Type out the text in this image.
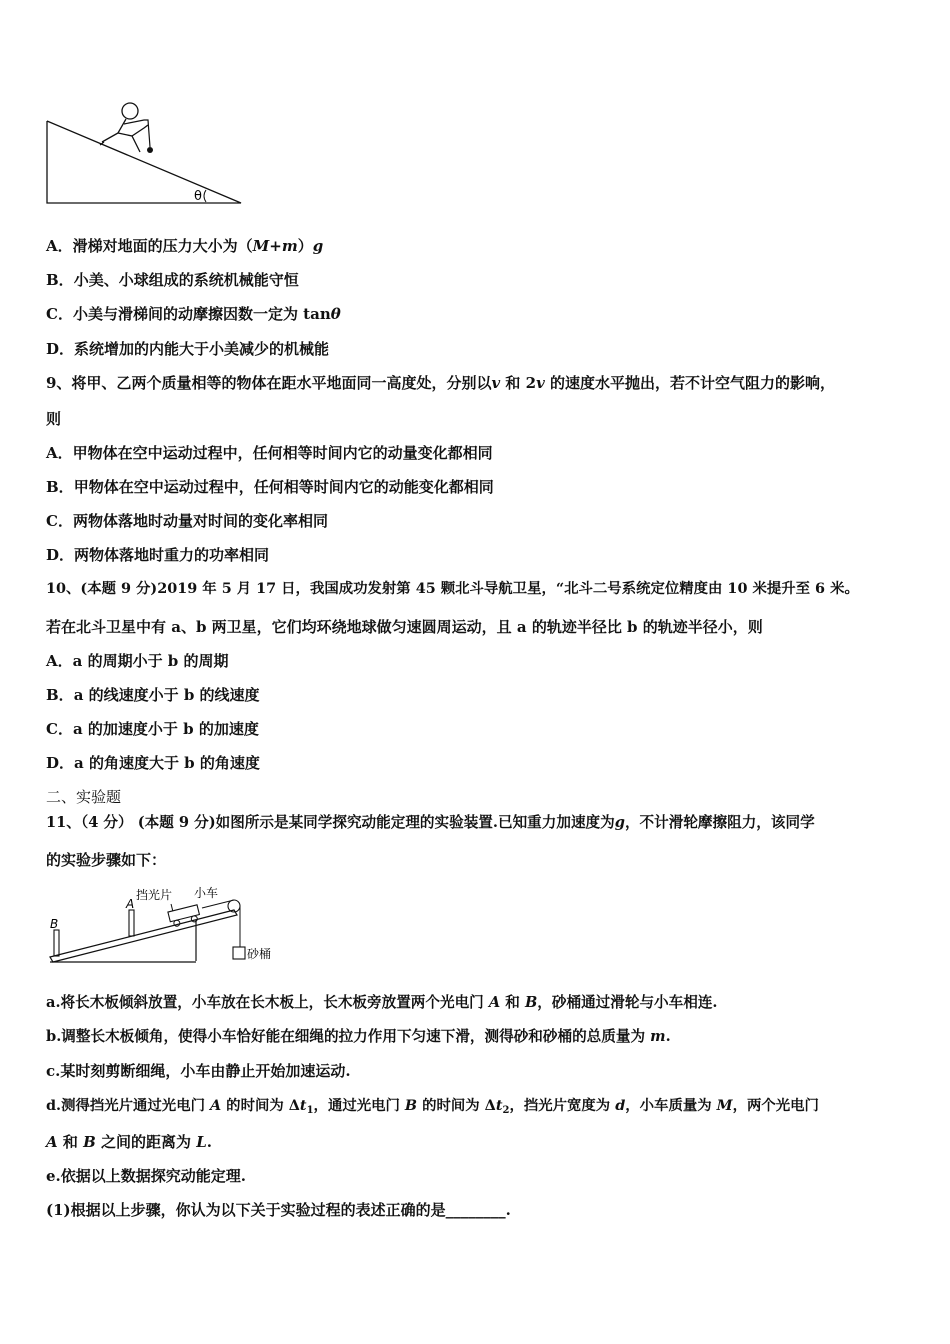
θ
A．滑梯对地面的压力大小为（M+m）g
B．小美、小球组成的系统机械能守恒
C．小美与滑梯间的动摩擦因数一定为 tanθ
D．系统增加的内能大于小美减少的机械能
9、将甲、乙两个质量相等的物体在距水平地面同一高度处，分别以v 和 2v 的速度水平抛出，若不计空气阻力的影响，
则
A．甲物体在空中运动过程中，任何相等时间内它的动量变化都相同
B．甲物体在空中运动过程中，任何相等时间内它的动能变化都相同
C．两物体落地时动量对时间的变化率相同
D．两物体落地时重力的功率相同
10、(本题 9 分)2019 年 5 月 17 日，我国成功发射第 45 颗北斗导航卫星，“北斗二号系统定位精度由 10 米提升至 6 米。
若在北斗卫星中有 a、b 两卫星，它们均环绕地球做匀速圆周运动，且 a 的轨迹半径比 b 的轨迹半径小，则
A．a 的周期小于 b 的周期
B．a 的线速度小于 b 的线速度
C．a 的加速度小于 b 的加速度
D．a 的角速度大于 b 的角速度
二、实验题
11、（4 分） (本题 9 分)如图所示是某同学探究动能定理的实验装置.已知重力加速度为g，不计滑轮摩擦阻力，该同学
的实验步骤如下：
B
A
挡光片 小车
砂桶
a.将长木板倾斜放置，小车放在长木板上，长木板旁放置两个光电门 A 和 B，砂桶通过滑轮与小车相连.
b.调整长木板倾角，使得小车恰好能在细绳的拉力作用下匀速下滑，测得砂和砂桶的总质量为 m.
c.某时刻剪断细绳，小车由静止开始加速运动.
d.测得挡光片通过光电门 A 的时间为 $\Delta t_1$，通过光电门 B 的时间为 $\Delta t_2$，挡光片宽度为 d，小车质量为 M，两个光电门
A 和 B 之间的距离为 L.
e.依据以上数据探究动能定理.
(1)根据以上步骤，你认为以下关于实验过程的表述正确的是________.
